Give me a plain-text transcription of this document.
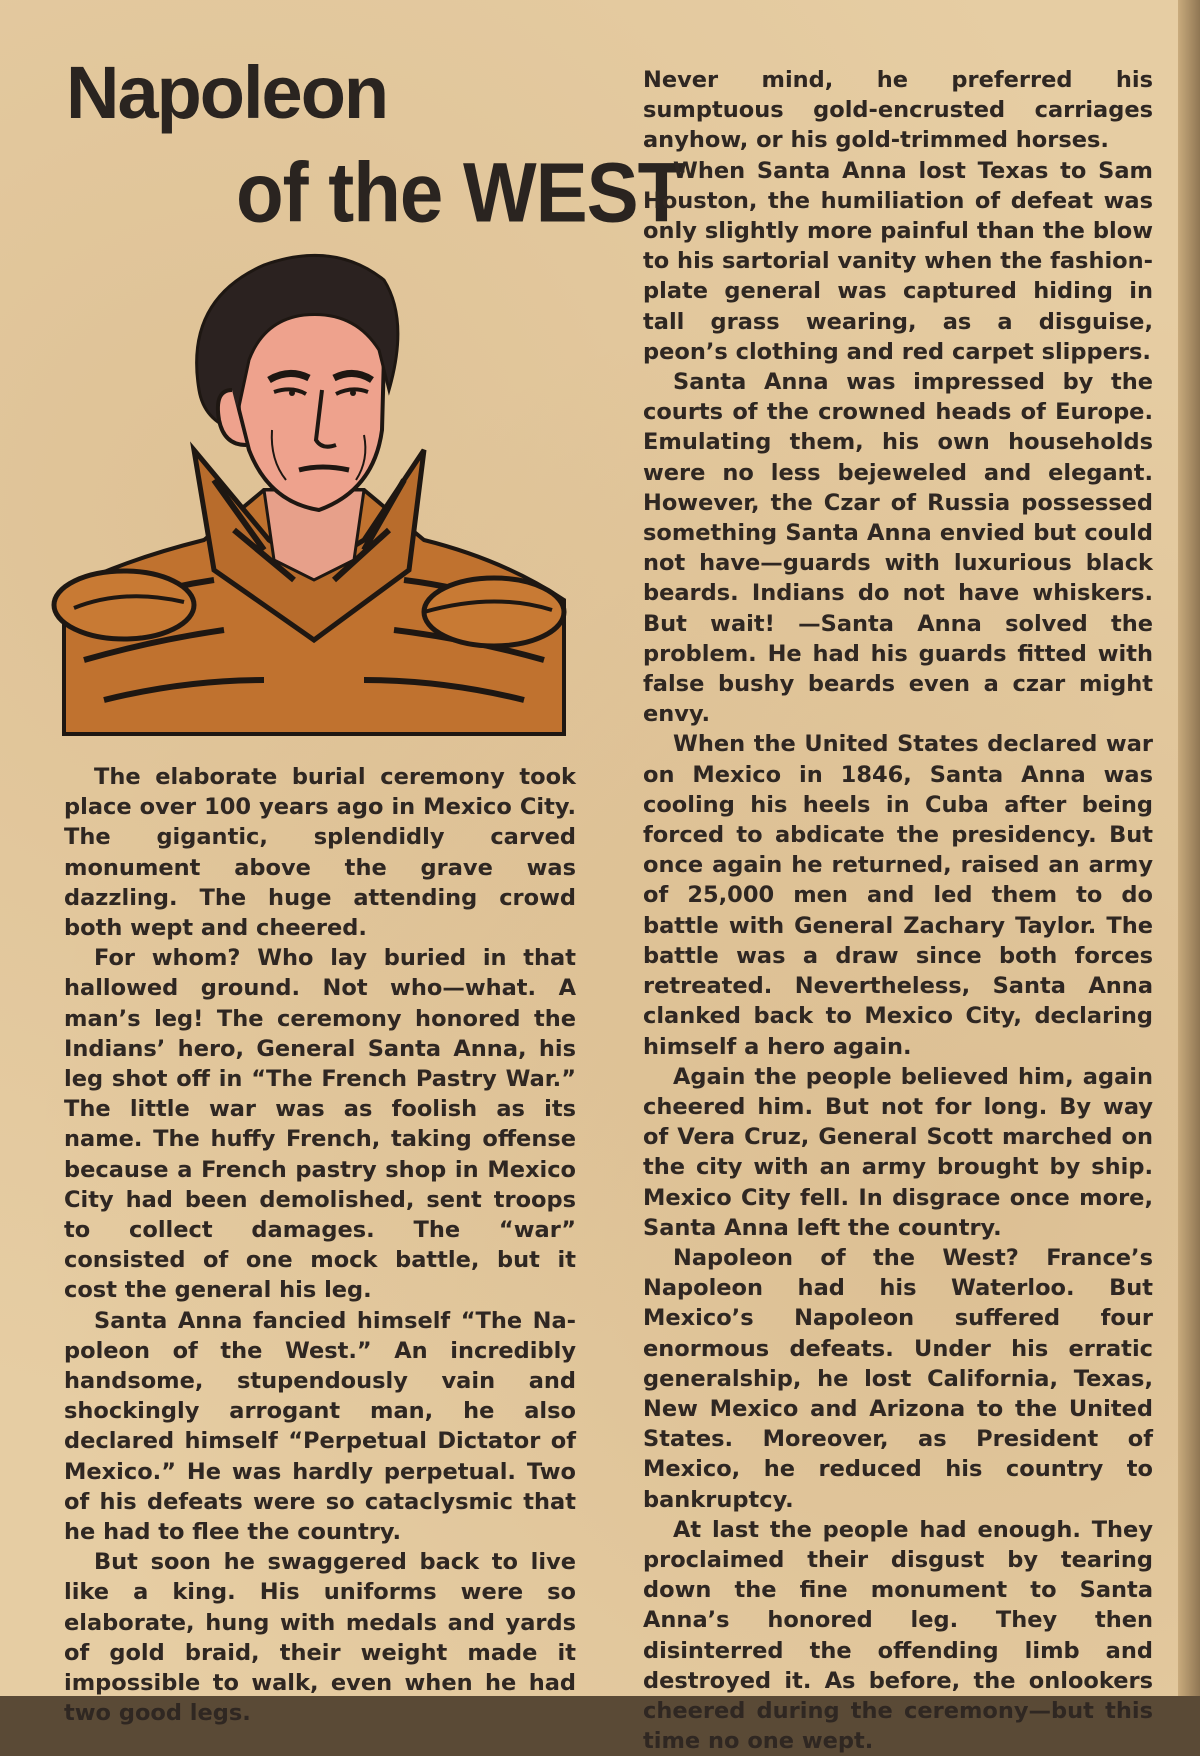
Napoleon
of the WEST

The elaborate burial ceremony took place over 100 years ago in Mexico City. The gigantic, splendidly carved monument above the grave was dazzling. The huge attending crowd both wept and cheered.

For whom? Who lay buried in that hallowed ground. Not who—what. A man’s leg! The ceremony honored the Indians’ hero, General Santa Anna, his leg shot off in “The French Pastry War.” The little war was as foolish as its name. The huffy French, taking offense because a French pastry shop in Mexico City had been demolished, sent troops to collect damages. The “war” consisted of one mock battle, but it cost the general his leg.

Santa Anna fancied himself “The Napoleon of the West.” An incredibly handsome, stupendously vain and shockingly arrogant man, he also declared himself “Perpetual Dictator of Mexico.” He was hardly perpetual. Two of his defeats were so cataclysmic that he had to flee the country.

But soon he swaggered back to live like a king. His uniforms were so elaborate, hung with medals and yards of gold braid, their weight made it impossible to walk, even when he had two good legs.

Never mind, he preferred his sumptuous gold-encrusted carriages anyhow, or his gold-trimmed horses.

When Santa Anna lost Texas to Sam Houston, the humiliation of defeat was only slightly more painful than the blow to his sartorial vanity when the fashionplate general was captured hiding in tall grass wearing, as a disguise, peon’s clothing and red carpet slippers.

Santa Anna was impressed by the courts of the crowned heads of Europe. Emulating them, his own households were no less bejeweled and elegant. However, the Czar of Russia possessed something Santa Anna envied but could not have—guards with luxurious black beards. Indians do not have whiskers. But wait! —Santa Anna solved the problem. He had his guards fitted with false bushy beards even a czar might envy.

When the United States declared war on Mexico in 1846, Santa Anna was cooling his heels in Cuba after being forced to abdicate the presidency. But once again he returned, raised an army of 25,000 men and led them to do battle with General Zachary Taylor. The battle was a draw since both forces retreated. Nevertheless, Santa Anna clanked back to Mexico City, declaring himself a hero again.

Again the people believed him, again cheered him. But not for long. By way of Vera Cruz, General Scott marched on the city with an army brought by ship. Mexico City fell. In disgrace once more, Santa Anna left the country.

Napoleon of the West? France’s Napoleon had his Waterloo. But Mexico’s Napoleon suffered four enormous defeats. Under his erratic generalship, he lost California, Texas, New Mexico and Arizona to the United States. Moreover, as President of Mexico, he reduced his country to bankruptcy.

At last the people had enough. They proclaimed their disgust by tearing down the fine monument to Santa Anna’s honored leg. They then disinterred the offending limb and destroyed it. As before, the onlookers cheered during the ceremony—but this time no one wept.
